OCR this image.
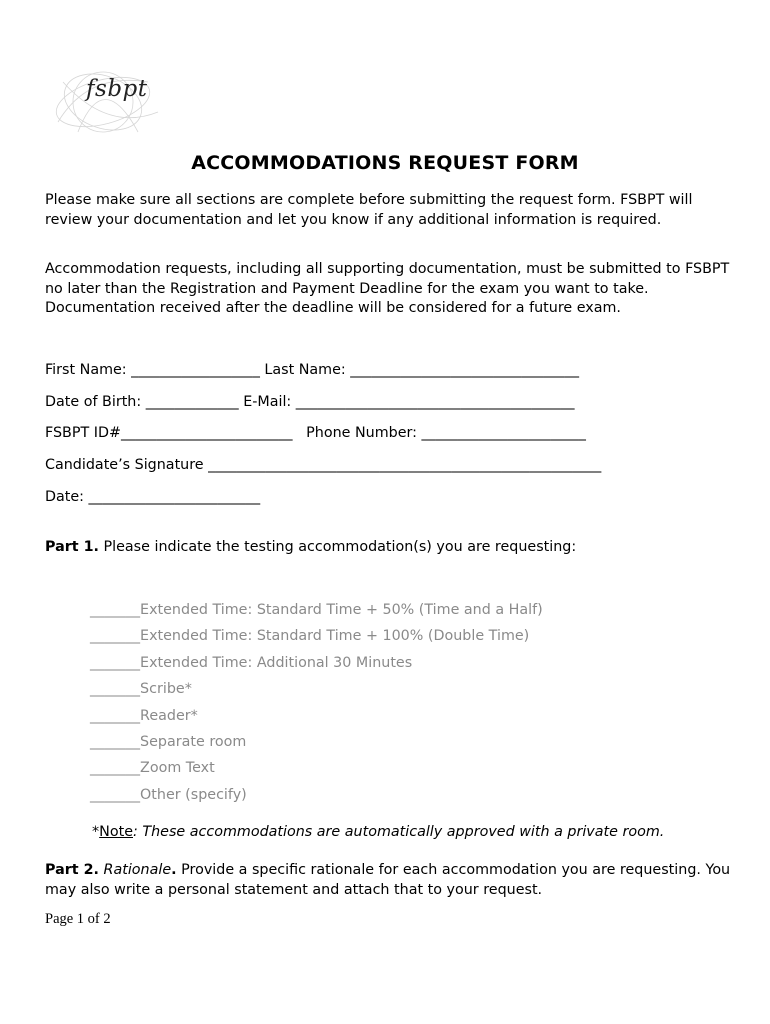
fsbpt
ACCOMMODATIONS REQUEST FORM
Please make sure all sections are complete before submitting the request form. FSBPT will review your documentation and let you know if any additional information is required.
Accommodation requests, including all supporting documentation, must be submitted to FSBPT no later than the Registration and Payment Deadline for the exam you want to take. Documentation received after the deadline will be considered for a future exam.
First Name: __________________ Last Name: ________________________________
Date of Birth: _____________ E-Mail: _______________________________________
FSBPT ID#________________________   Phone Number: _______________________
Candidate’s Signature _______________________________________________________
Date: ________________________
Part 1. Please indicate the testing accommodation(s) you are requesting:
_______Extended Time: Standard Time + 50% (Time and a Half)
_______Extended Time: Standard Time + 100% (Double Time)
_______Extended Time: Additional 30 Minutes
_______Scribe*
_______Reader*
_______Separate room
_______Zoom Text
_______Other (specify)
*Note: These accommodations are automatically approved with a private room.
Part 2. Rationale. Provide a specific rationale for each accommodation you are requesting. You may also write a personal statement and attach that to your request.
Page 1 of 2
